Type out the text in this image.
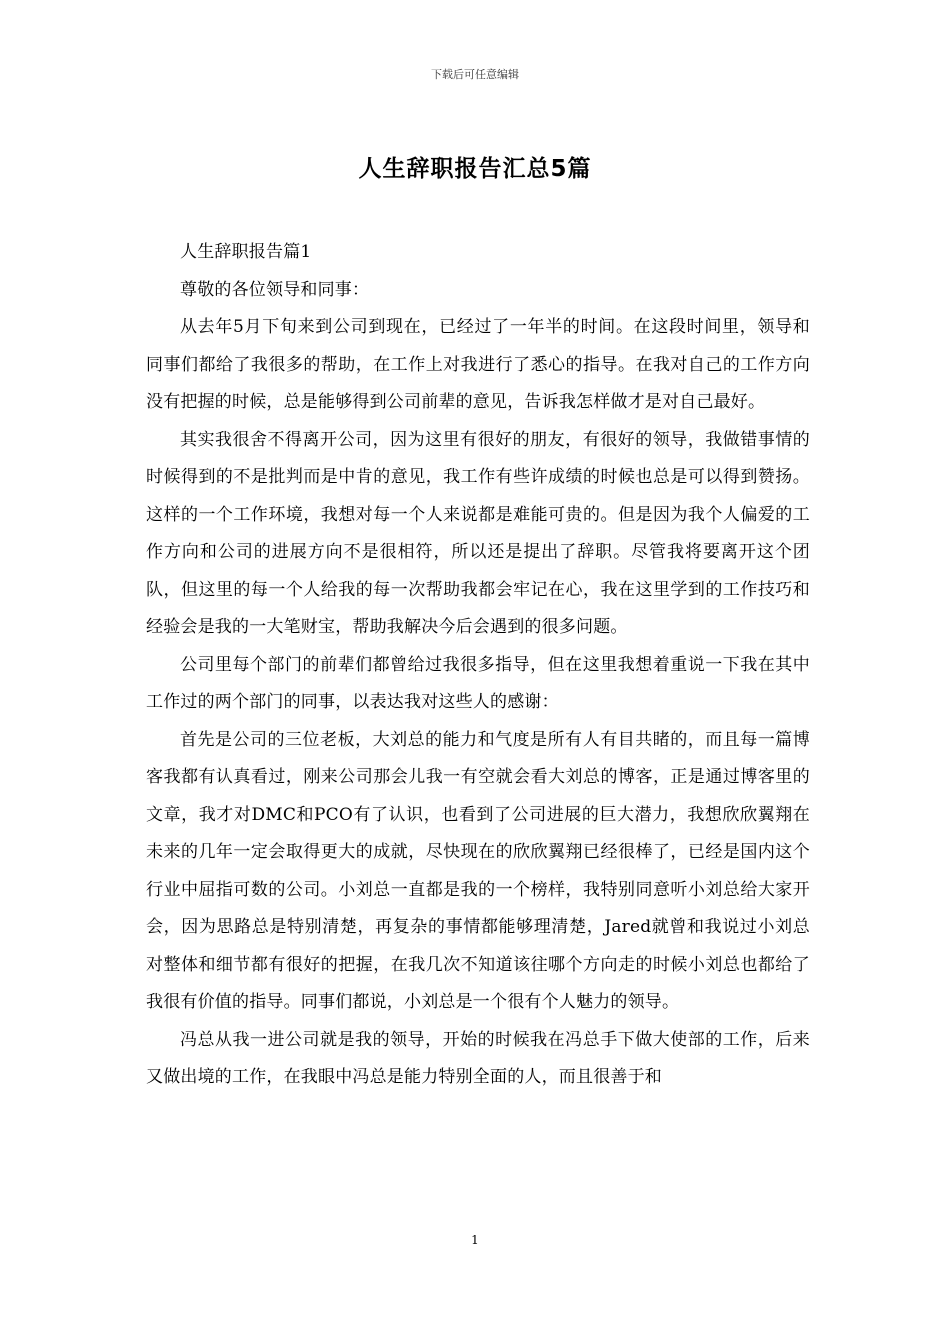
下载后可任意编辑
人生辞职报告汇总5篇

人生辞职报告篇1

尊敬的各位领导和同事：

从去年5月下旬来到公司到现在，已经过了一年半的时间。在这段时间里，领导和同事们都给了我很多的帮助，在工作上对我进行了悉心的指导。在我对自己的工作方向没有把握的时候，总是能够得到公司前辈的意见，告诉我怎样做才是对自己最好。

其实我很舍不得离开公司，因为这里有很好的朋友，有很好的领导，我做错事情的时候得到的不是批判而是中肯的意见，我工作有些许成绩的时候也总是可以得到赞扬。这样的一个工作环境，我想对每一个人来说都是难能可贵的。但是因为我个人偏爱的工作方向和公司的进展方向不是很相符，所以还是提出了辞职。尽管我将要离开这个团队，但这里的每一个人给我的每一次帮助我都会牢记在心，我在这里学到的工作技巧和经验会是我的一大笔财宝，帮助我解决今后会遇到的很多问题。

公司里每个部门的前辈们都曾给过我很多指导，但在这里我想着重说一下我在其中工作过的两个部门的同事，以表达我对这些人的感谢：

首先是公司的三位老板，大刘总的能力和气度是所有人有目共睹的，而且每一篇博客我都有认真看过，刚来公司那会儿我一有空就会看大刘总的博客，正是通过博客里的文章，我才对DMC和PCO有了认识，也看到了公司进展的巨大潜力，我想欣欣翼翔在未来的几年一定会取得更大的成就，尽快现在的欣欣翼翔已经很棒了，已经是国内这个行业中屈指可数的公司。小刘总一直都是我的一个榜样，我特别同意听小刘总给大家开会，因为思路总是特别清楚，再复杂的事情都能够理清楚，Jared就曾和我说过小刘总对整体和细节都有很好的把握，在我几次不知道该往哪个方向走的时候小刘总也都给了我很有价值的指导。同事们都说，小刘总是一个很有个人魅力的领导。

冯总从我一进公司就是我的领导，开始的时候我在冯总手下做大使部的工作，后来又做出境的工作，在我眼中冯总是能力特别全面的人，而且很善于和

1
